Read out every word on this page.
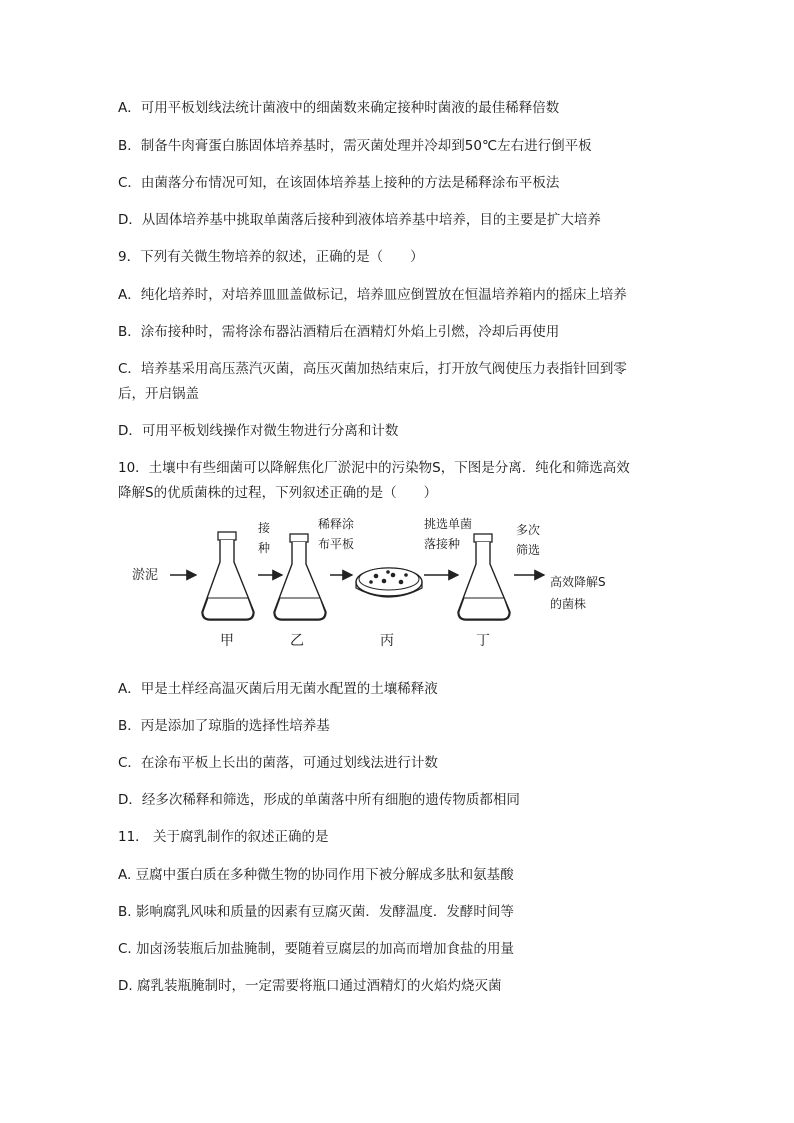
A．可用平板划线法统计菌液中的细菌数来确定接种时菌液的最佳稀释倍数
B．制备牛肉膏蛋白胨固体培养基时，需灭菌处理并冷却到50℃左右进行倒平板
C．由菌落分布情况可知，在该固体培养基上接种的方法是稀释涂布平板法
D．从固体培养基中挑取单菌落后接种到液体培养基中培养，目的主要是扩大培养
9．下列有关微生物培养的叙述，正确的是（　　）
A．纯化培养时，对培养皿皿盖做标记，培养皿应倒置放在恒温培养箱内的摇床上培养
B．涂布接种时，需将涂布器沾酒精后在酒精灯外焰上引燃，冷却后再使用
C．培养基采用高压蒸汽灭菌，高压灭菌加热结束后，打开放气阀使压力表指针回到零
后，开启锅盖
D．可用平板划线操作对微生物进行分离和计数
10．土壤中有些细菌可以降解焦化厂淤泥中的污染物S，下图是分离．纯化和筛选高效
降解S的优质菌株的过程，下列叙述正确的是（　　）
淤泥
接
种
稀释涂
布平板
挑选单菌
落接种
多次
筛选
高效降解S
的菌株
甲	乙	丙	丁
A．甲是土样经高温灭菌后用无菌水配置的土壤稀释液
B．丙是添加了琼脂的选择性培养基
C．在涂布平板上长出的菌落，可通过划线法进行计数
D．经多次稀释和筛选，形成的单菌落中所有细胞的遗传物质都相同
11． 关于腐乳制作的叙述正确的是
A. 豆腐中蛋白质在多种微生物的协同作用下被分解成多肽和氨基酸
B. 影响腐乳风味和质量的因素有豆腐灭菌．发酵温度．发酵时间等
C. 加卤汤装瓶后加盐腌制，要随着豆腐层的加高而增加食盐的用量
D. 腐乳装瓶腌制时，一定需要将瓶口通过酒精灯的火焰灼烧灭菌
